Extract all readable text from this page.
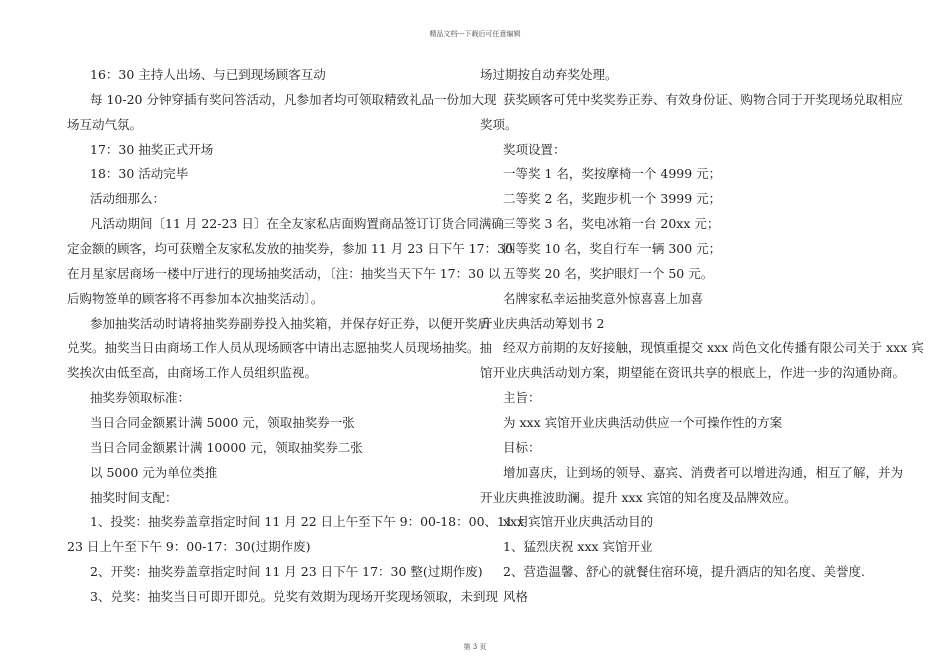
精品文档---下载后可任意编辑
16：30 主持人出场、与已到现场顾客互动
每 10-20 分钟穿插有奖问答活动，凡参加者均可领取精致礼品一份加大现
场互动气氛。
17：30 抽奖正式开场
18：30 活动完毕
活动细那么：
凡活动期间〔11 月 22-23 日〕在全友家私店面购置商品签订订货合同满确
定金额的顾客，均可获赠全友家私发放的抽奖券，参加 11 月 23 日下午 17：30
在月星家居商场一楼中厅进行的现场抽奖活动，〔注：抽奖当天下午 17：30 以
后购物签单的顾客将不再参加本次抽奖活动〕。
参加抽奖活动时请将抽奖券副券投入抽奖箱，并保存好正券，以便开奖后
兑奖。抽奖当日由商场工作人员从现场顾客中请出志愿抽奖人员现场抽奖。抽
奖挨次由低至高，由商场工作人员组织监视。
抽奖券领取标准：
当日合同金额累计满 5000 元，领取抽奖券一张
当日合同金额累计满 10000 元，领取抽奖券二张
以 5000 元为单位类推
抽奖时间支配：
1、投奖：抽奖券盖章指定时间 11 月 22 日上午至下午 9：00-18：00、11 月
23 日上午至下午 9：00-17：30(过期作废)
2、开奖：抽奖券盖章指定时间 11 月 23 日下午 17：30 整(过期作废)
3、兑奖：抽奖当日可即开即兑。兑奖有效期为现场开奖现场领取，未到现
场过期按自动弃奖处理。
获奖顾客可凭中奖奖券正券、有效身份证、购物合同于开奖现场兑取相应
奖项。
奖项设置：
一等奖 1 名，奖按摩椅一个 4999 元；
二等奖 2 名，奖跑步机一个 3999 元；
三等奖 3 名，奖电冰箱一台 20xx 元；
四等奖 10 名，奖自行车一辆 300 元；
五等奖 20 名，奖护眼灯一个 50 元。
名牌家私幸运抽奖意外惊喜喜上加喜
开业庆典活动筹划书 2
经双方前期的友好接触，现慎重提交 xxx 尚色文化传播有限公司关于 xxx 宾
馆开业庆典活动划方案，期望能在资讯共享的根底上，作进一步的沟通协商。
主旨：
为 xxx 宾馆开业庆典活动供应一个可操作性的方案
目标：
增加喜庆，让到场的领导、嘉宾、消费者可以增进沟通，相互了解，并为
开业庆典推波助澜。提升 xxx 宾馆的知名度及品牌效应。
xxx 宾馆开业庆典活动目的
1、猛烈庆祝 xxx 宾馆开业
2、营造温馨、舒心的就餐住宿环境，提升酒店的知名度、美誉度.
风格
第 3 页
